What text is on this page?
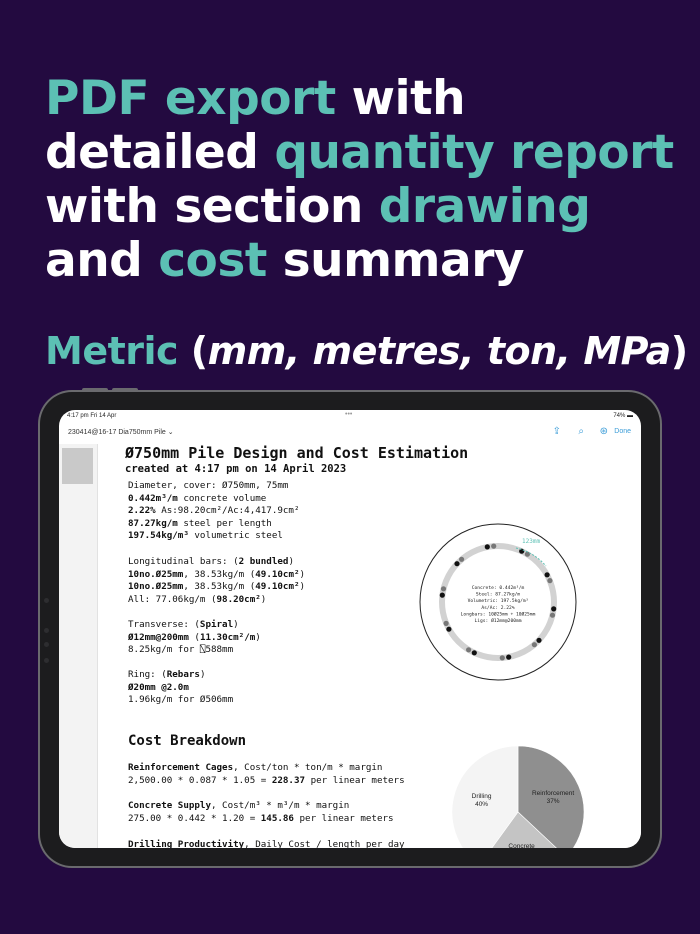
PDF export with
detailed quantity report
with section drawing
and cost summary
Metric (mm, metres, ton, MPa)
4:17 pm Fri 14 Apr	•••	74% ▬
230414@16-17 Dia750mm Pile ⌄	⇪ ⌕ ⊛ Done
Ø750mm Pile Design and Cost Estimation
created at 4:17 pm on 14 April 2023
Diameter, cover: Ø750mm, 75mm
0.442m³/m concrete volume
2.22% As:98.20cm²/Ac:4,417.9cm²
87.27kg/m steel per length
197.54kg/m³ volumetric steel
Longitudinal bars: (2 bundled)
10no.Ø25mm, 38.53kg/m (49.10cm²)
10no.Ø25mm, 38.53kg/m (49.10cm²)
All: 77.06kg/m (98.20cm²)
Transverse: (Spiral)
Ø12mm@200mm (11.30cm²/m)
8.25kg/m for ⍂588mm
Ring: (Rebars)
Ø20mm @2.0m
1.96kg/m for Ø506mm
123mm
Concrete: 0.442m³/m
Steel: 87.27kg/m
Volumetric: 197.5kg/m³
As/Ac: 2.22%
Longbars: 10Ø25mm + 10Ø25mm
Ligs: Ø12mm@200mm
Cost Breakdown
Reinforcement Cages, Cost/ton * ton/m * margin
2,500.00 * 0.087 * 1.05 = 228.37 per linear meters
Concrete Supply, Cost/m³ * m³/m * margin
275.00 * 0.442 * 1.20 = 145.86 per linear meters
Drilling Productivity, Daily Cost / length per day
Reinforcement
37%
Concrete
Drilling
40%
